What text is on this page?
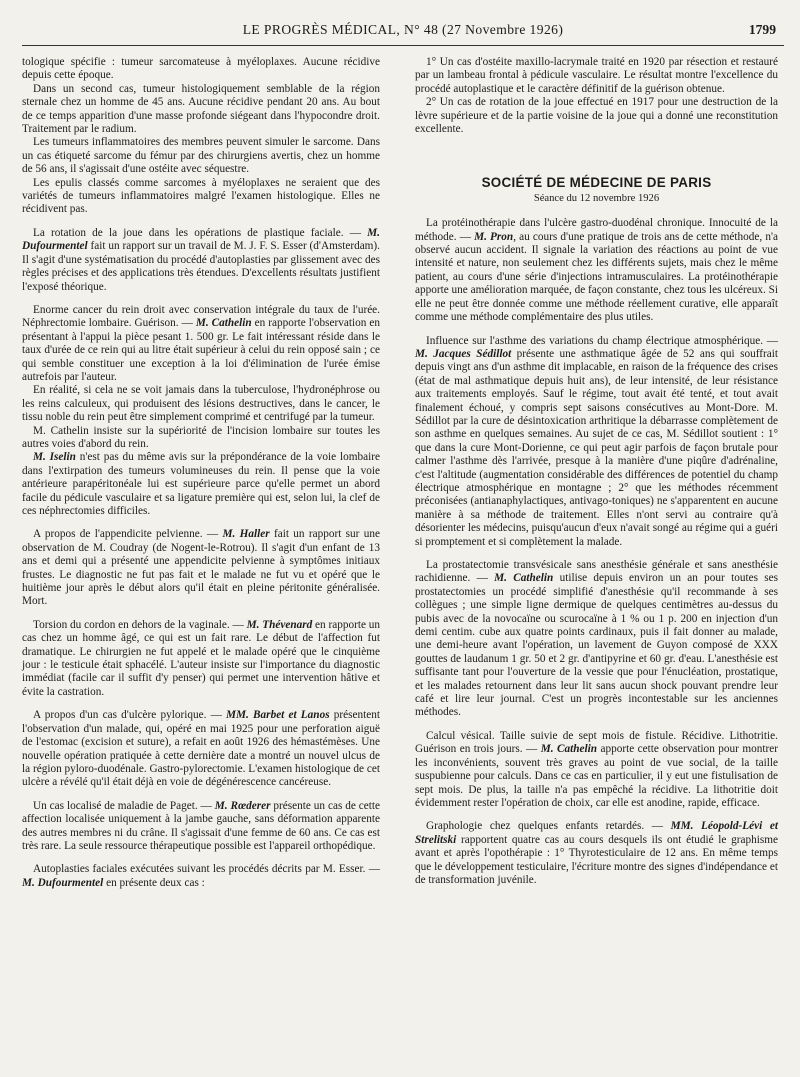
LE PROGRÈS MÉDICAL, N° 48 (27 Novembre 1926)	1799

tologique spécifie : tumeur sarcomateuse à myéloplaxes. Aucune récidive depuis cette époque.

Dans un second cas, tumeur histologiquement semblable de la région sternale chez un homme de 45 ans. Aucune récidive pendant 20 ans. Au bout de ce temps apparition d'une masse profonde siégeant dans l'hypocondre droit. Traitement par le radium.

Les tumeurs inflammatoires des membres peuvent simuler le sarcome. Dans un cas étiqueté sarcome du fémur par des chirurgiens avertis, chez un homme de 56 ans, il s'agissait d'une ostéite avec séquestre.

Les epulis classés comme sarcomes à myéloplaxes ne seraient que des variétés de tumeurs inflammatoires malgré l'examen histologique. Elles ne récidivent pas.

La rotation de la joue dans les opérations de plastique faciale. — M. Dufourmentel fait un rapport sur un travail de M. J. F. S. Esser (d'Amsterdam). Il s'agit d'une systématisation du procédé d'autoplasties par glissement avec des règles précises et des applications très étendues. D'excellents résultats justifient l'exposé théorique.

Enorme cancer du rein droit avec conservation intégrale du taux de l'urée. Néphrectomie lombaire. Guérison. — M. Cathelin en rapporte l'observation en présentant à l'appui la pièce pesant 1. 500 gr. Le fait intéressant réside dans le taux d'urée de ce rein qui au litre était supérieur à celui du rein opposé sain ; ce qui semble constituer une exception à la loi d'élimination de l'urée émise autrefois par l'auteur.

En réalité, si cela ne se voit jamais dans la tuberculose, l'hydronéphrose ou les reins calculeux, qui produisent des lésions destructives, dans le cancer, le tissu noble du rein peut être simplement comprimé et centrifugé par la tumeur.

M. Cathelin insiste sur la supériorité de l'incision lombaire sur toutes les autres voies d'abord du rein.

M. Iselin n'est pas du même avis sur la prépondérance de la voie lombaire dans l'extirpation des tumeurs volumineuses du rein. Il pense que la voie antérieure parapéritonéale lui est supérieure parce qu'elle permet un abord facile du pédicule vasculaire et sa ligature première qui est, selon lui, la clef de ces néphrectomies difficiles.

A propos de l'appendicite pelvienne. — M. Haller fait un rapport sur une observation de M. Coudray (de Nogent-le-Rotrou). Il s'agit d'un enfant de 13 ans et demi qui a présenté une appendicite pelvienne à symptômes initiaux frustes. Le diagnostic ne fut pas fait et le malade ne fut vu et opéré que le huitième jour après le début alors qu'il était en pleine péritonite généralisée. Mort.

Torsion du cordon en dehors de la vaginale. — M. Thévenard en rapporte un cas chez un homme âgé, ce qui est un fait rare. Le début de l'affection fut dramatique. Le chirurgien ne fut appelé et le malade opéré que le cinquième jour : le testicule était sphacélé. L'auteur insiste sur l'importance du diagnostic immédiat (facile car il suffit d'y penser) qui permet une intervention hâtive et évite la castration.

A propos d'un cas d'ulcère pylorique. — MM. Barbet et Lanos présentent l'observation d'un malade, qui, opéré en mai 1925 pour une perforation aiguë de l'estomac (excision et suture), a refait en août 1926 des hémastémèses. Une nouvelle opération pratiquée à cette dernière date a montré un nouvel ulcus de la région pyloro-duodénale. Gastro-pylorectomie. L'examen histologique de cet ulcère a révélé qu'il était déjà en voie de dégénérescence cancéreuse.

Un cas localisé de maladie de Paget. — M. Rœderer présente un cas de cette affection localisée uniquement à la jambe gauche, sans déformation apparente des autres membres ni du crâne. Il s'agissait d'une femme de 60 ans. Ce cas est très rare. La seule ressource thérapeutique possible est l'appareil orthopédique.

Autoplasties faciales exécutées suivant les procédés décrits par M. Esser. — M. Dufourmentel en présente deux cas :

1° Un cas d'ostéite maxillo-lacrymale traité en 1920 par résection et restauré par un lambeau frontal à pédicule vasculaire. Le résultat montre l'excellence du procédé autoplastique et le caractère définitif de la guérison obtenue.

2° Un cas de rotation de la joue effectué en 1917 pour une destruction de la lèvre supérieure et de la partie voisine de la joue qui a donné une reconstitution excellente.

SOCIÉTÉ DE MÉDECINE DE PARIS
Séance du 12 novembre 1926

La protéinothérapie dans l'ulcère gastro-duodénal chronique. Innocuité de la méthode. — M. Pron, au cours d'une pratique de trois ans de cette méthode, n'a observé aucun accident. Il signale la variation des réactions au point de vue intensité et nature, non seulement chez les différents sujets, mais chez le même patient, au cours d'une série d'injections intramusculaires. La protéinothérapie apporte une amélioration marquée, de façon constante, chez tous les ulcéreux. Si elle ne peut être donnée comme une méthode réellement curative, elle apparaît comme une méthode complémentaire des plus utiles.

Influence sur l'asthme des variations du champ électrique atmosphérique. — M. Jacques Sédillot présente une asthmatique âgée de 52 ans qui souffrait depuis vingt ans d'un asthme dit implacable, en raison de la fréquence des crises (état de mal asthmatique depuis huit ans), de leur intensité, de leur résistance aux traitements employés. Sauf le régime, tout avait été tenté, et tout avait finalement échoué, y compris sept saisons consécutives au Mont-Dore. M. Sédillot par la cure de désintoxication arthritique la débarrasse complètement de son asthme en quelques semaines. Au sujet de ce cas, M. Sédillot soutient : 1° que dans la cure Mont-Dorienne, ce qui peut agir parfois de façon brutale pour calmer l'asthme dès l'arrivée, presque à la manière d'une piqûre d'adrénaline, c'est l'altitude (augmentation considérable des différences de potentiel du champ électrique atmosphérique en montagne ; 2° que les méthodes récemment préconisées (antianaphylactiques, antivago-toniques) ne s'apparentent en aucune manière à sa méthode de traitement. Elles n'ont servi au contraire qu'à désorienter les médecins, puisqu'aucun d'eux n'avait songé au régime qui a guéri si promptement et si complètement la malade.

La prostatectomie transvésicale sans anesthésie générale et sans anesthésie rachidienne. — M. Cathelin utilise depuis environ un an pour toutes ses prostatectomies un procédé simplifié d'anesthésie qu'il recommande à ses collègues ; une simple ligne dermique de quelques centimètres au-dessus du pubis avec de la novocaïne ou scurocaïne à 1 % ou 1 p. 200 en injection d'un demi centim. cube aux quatre points cardinaux, puis il fait donner au malade, une demi-heure avant l'opération, un lavement de Guyon composé de XXX gouttes de laudanum 1 gr. 50 et 2 gr. d'antipyrine et 60 gr. d'eau. L'anesthésie est suffisante tant pour l'ouverture de la vessie que pour l'énucléation, prostatique, et les malades retournent dans leur lit sans aucun shock pouvant prendre leur café et lire leur journal. C'est un progrès incontestable sur les anciennes méthodes.

Calcul vésical. Taille suivie de sept mois de fistule. Récidive. Lithotritie. Guérison en trois jours. — M. Cathelin apporte cette observation pour montrer les inconvénients, souvent très graves au point de vue social, de la taille suspubienne pour calculs. Dans ce cas en particulier, il y eut une fistulisation de sept mois. De plus, la taille n'a pas empêché la récidive. La lithotritie doit évidemment rester l'opération de choix, car elle est anodine, rapide, efficace.

Graphologie chez quelques enfants retardés. — MM. Léopold-Lévi et Strelitski rapportent quatre cas au cours desquels ils ont étudié le graphisme avant et après l'opothérapie : 1° Thyrotesticulaire de 12 ans. En même temps que le développement testiculaire, l'écriture montre des signes d'indépendance et de transformation juvénile.
